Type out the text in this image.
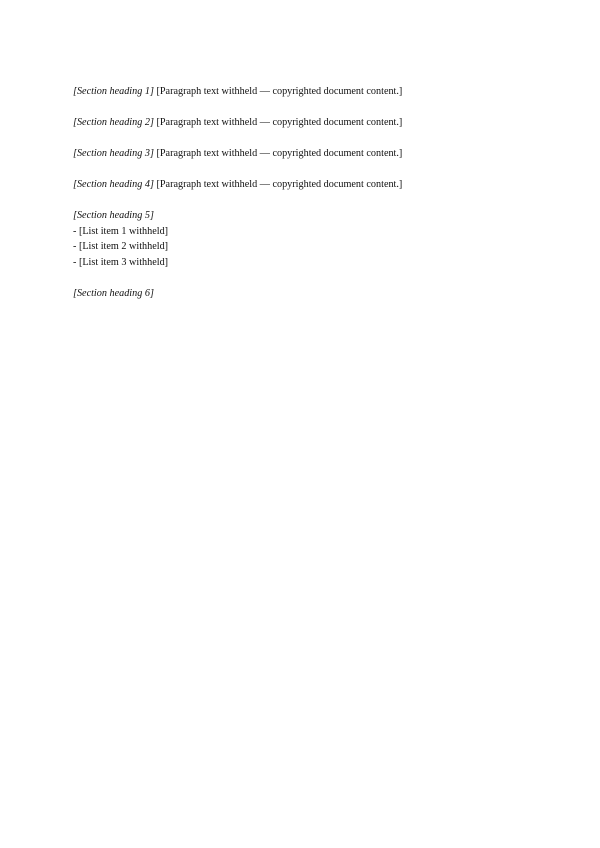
[Section heading 1] [Paragraph text withheld — copyrighted document content.]

[Section heading 2] [Paragraph text withheld — copyrighted document content.]

[Section heading 3] [Paragraph text withheld — copyrighted document content.]

[Section heading 4] [Paragraph text withheld — copyrighted document content.]

[Section heading 5]
- [List item 1 withheld]
- [List item 2 withheld]
- [List item 3 withheld]

[Section heading 6]
